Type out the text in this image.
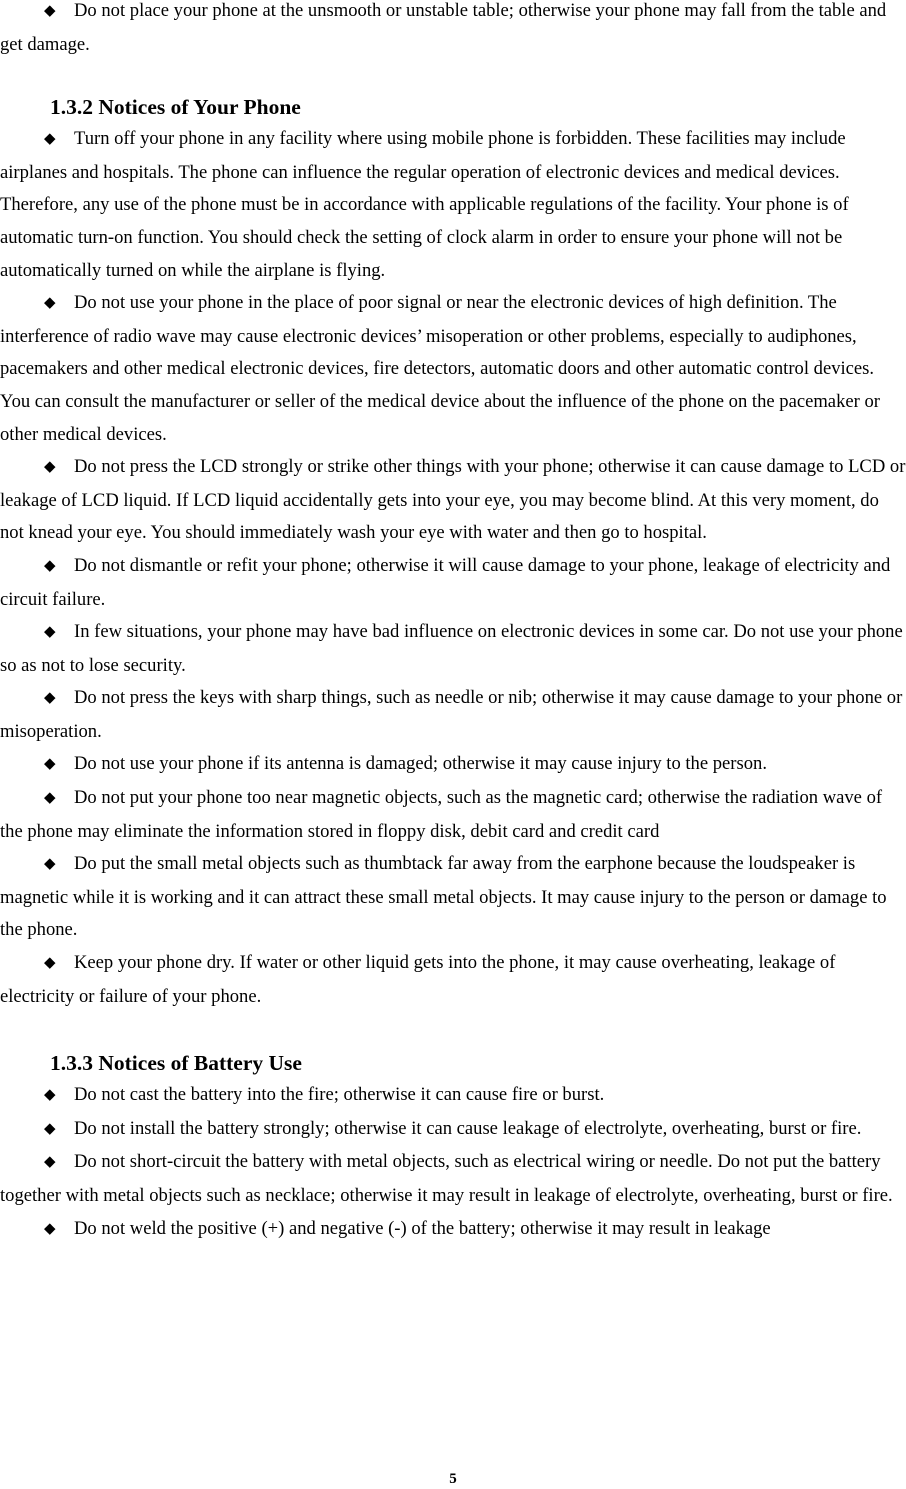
◆ Do not place your phone at the unsmooth or unstable table; otherwise your phone may fall from the table and get damage.

1.3.2 Notices of Your Phone

◆ Turn off your phone in any facility where using mobile phone is forbidden. These facilities may include airplanes and hospitals. The phone can influence the regular operation of electronic devices and medical devices. Therefore, any use of the phone must be in accordance with applicable regulations of the facility. Your phone is of automatic turn-on function. You should check the setting of clock alarm in order to ensure your phone will not be automatically turned on while the airplane is flying.

◆ Do not use your phone in the place of poor signal or near the electronic devices of high definition. The interference of radio wave may cause electronic devices’ misoperation or other problems, especially to audiphones, pacemakers and other medical electronic devices, fire detectors, automatic doors and other automatic control devices. You can consult the manufacturer or seller of the medical device about the influence of the phone on the pacemaker or other medical devices.

◆ Do not press the LCD strongly or strike other things with your phone; otherwise it can cause damage to LCD or leakage of LCD liquid. If LCD liquid accidentally gets into your eye, you may become blind. At this very moment, do not knead your eye. You should immediately wash your eye with water and then go to hospital.

◆ Do not dismantle or refit your phone; otherwise it will cause damage to your phone, leakage of electricity and circuit failure.

◆ In few situations, your phone may have bad influence on electronic devices in some car. Do not use your phone so as not to lose security.

◆ Do not press the keys with sharp things, such as needle or nib; otherwise it may cause damage to your phone or misoperation.

◆ Do not use your phone if its antenna is damaged; otherwise it may cause injury to the person.

◆ Do not put your phone too near magnetic objects, such as the magnetic card; otherwise the radiation wave of the phone may eliminate the information stored in floppy disk, debit card and credit card

◆ Do put the small metal objects such as thumbtack far away from the earphone because the loudspeaker is magnetic while it is working and it can attract these small metal objects. It may cause injury to the person or damage to the phone.

◆ Keep your phone dry. If water or other liquid gets into the phone, it may cause overheating, leakage of electricity or failure of your phone.

1.3.3 Notices of Battery Use

◆ Do not cast the battery into the fire; otherwise it can cause fire or burst.

◆ Do not install the battery strongly; otherwise it can cause leakage of electrolyte, overheating, burst or fire.

◆ Do not short-circuit the battery with metal objects, such as electrical wiring or needle. Do not put the battery together with metal objects such as necklace; otherwise it may result in leakage of electrolyte, overheating, burst or fire.

◆ Do not weld the positive (+) and negative (-) of the battery; otherwise it may result in leakage

5
